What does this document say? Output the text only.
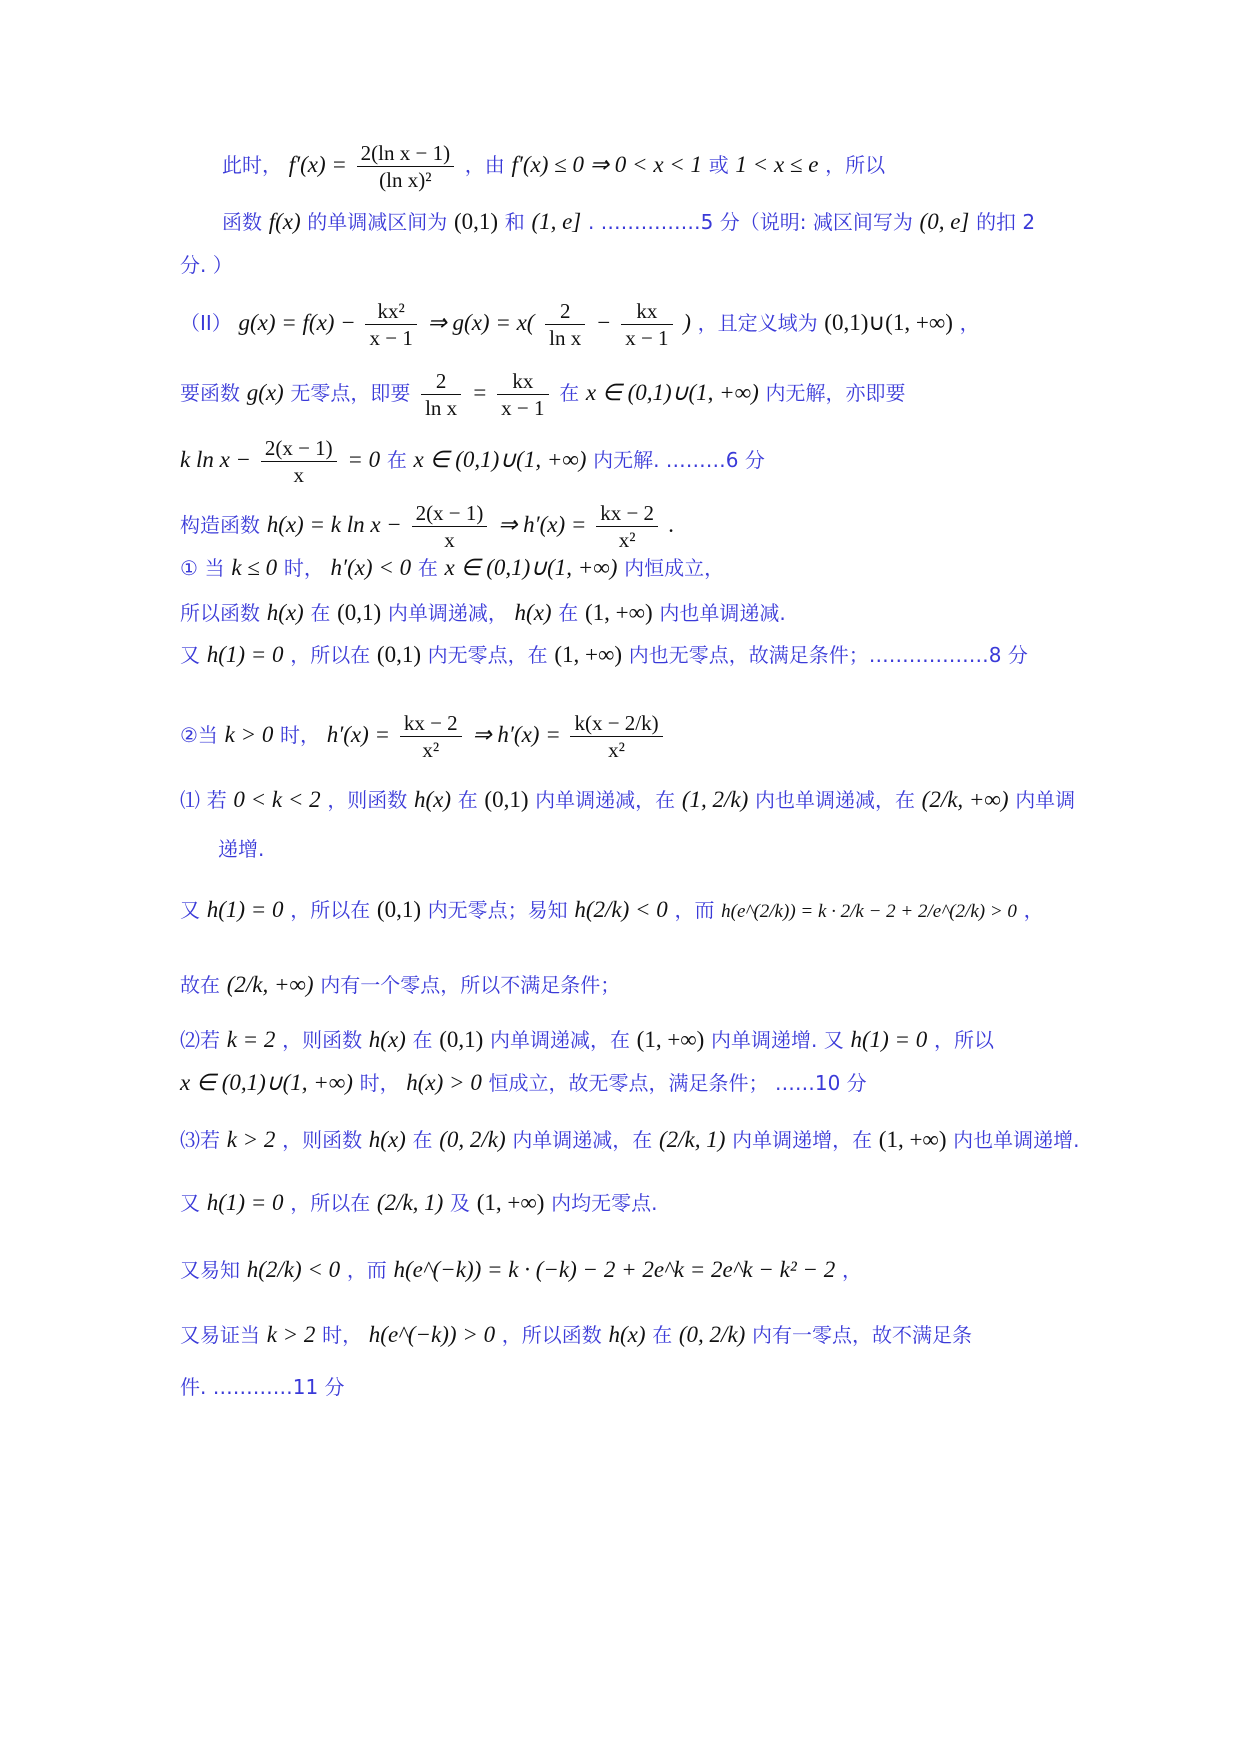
此时， $f'(x) = \frac{\text{2(ln x − 1)}}{\text{(ln x)²}}$ ，由 f′(x) ≤ 0 ⇒ 0 < x < 1 或 1 < x ≤ e ，所以
函数 f(x) 的单调减区间为 (0,1) 和 (1, e] . ……………5 分（说明: 减区间写为 (0, e] 的扣 2
分. ）
（II） $g(x) = f(x) - \frac{\text{kx²}}{x - 1}$ ⇒ $g(x) = x( \frac{2}{\text{ln x}} - \frac{kx}{x - 1}$ ) ，且定义域为 (0,1)∪(1, +∞) ，
要函数 g(x) 无零点，即要 $\frac{2}{\text{ln x}} = \frac{kx}{x - 1}$ 在 x ∈ (0,1)∪(1, +∞) 内无解，亦即要
k $\ln x - \frac{2(x - 1)}{x} = 0$ 在 x ∈ (0,1)∪(1, +∞) 内无解. ………6 分
构造函数 h(x) = k $\ln x - \frac{2(x - 1)}{x}$ ⇒ $h'(x) = \frac{kx - 2}{\text{x²}}$ .
① 当 k ≤ 0 时， h′(x) < 0 在 x ∈ (0,1)∪(1, +∞) 内恒成立，
所以函数 h(x) 在 (0,1) 内单调递减， h(x) 在 (1, +∞) 内也单调递减.
又 h(1) = 0 ，所以在 (0,1) 内无零点，在 (1, +∞) 内也无零点，故满足条件；………………8 分
②当 k > 0 时， $h'(x) = \frac{kx - 2}{\text{x²}}$ ⇒ $h'(x) = \frac{k(x - 2/k)}{\text{x²}}$
⑴ 若 0 < k < 2 ，则函数 h(x) 在 (0,1) 内单调递减，在 (1, 2/k) 内也单调递减，在 (2/k, +∞) 内单调
递增.
又 h(1) = 0 ，所以在 (0,1) 内无零点；易知 h(2/k) < 0 ，而 h(e^(2/k)) = k · 2/k − 2 + 2/e^(2/k) > 0 ，
故在 (2/k, +∞) 内有一个零点，所以不满足条件；
⑵若 k = 2 ，则函数 h(x) 在 (0,1) 内单调递减，在 (1, +∞) 内单调递增. 又 h(1) = 0 ，所以
x ∈ (0,1)∪(1, +∞) 时， h(x) > 0 恒成立，故无零点，满足条件； ……10 分
⑶若 k > 2 ，则函数 h(x) 在 (0, 2/k) 内单调递减，在 (2/k, 1) 内单调递增，在 (1, +∞) 内也单调递增.
又 h(1) = 0 ，所以在 (2/k, 1) 及 (1, +∞) 内均无零点.
又易知 h(2/k) < 0 ，而 h(e^(−k)) = k · (−k) − 2 + 2e^k = 2e^k − k² − 2 ，
又易证当 k > 2 时， h(e^(−k)) > 0 ，所以函数 h(x) 在 (0, 2/k) 内有一零点，故不满足条
件. …………11 分
